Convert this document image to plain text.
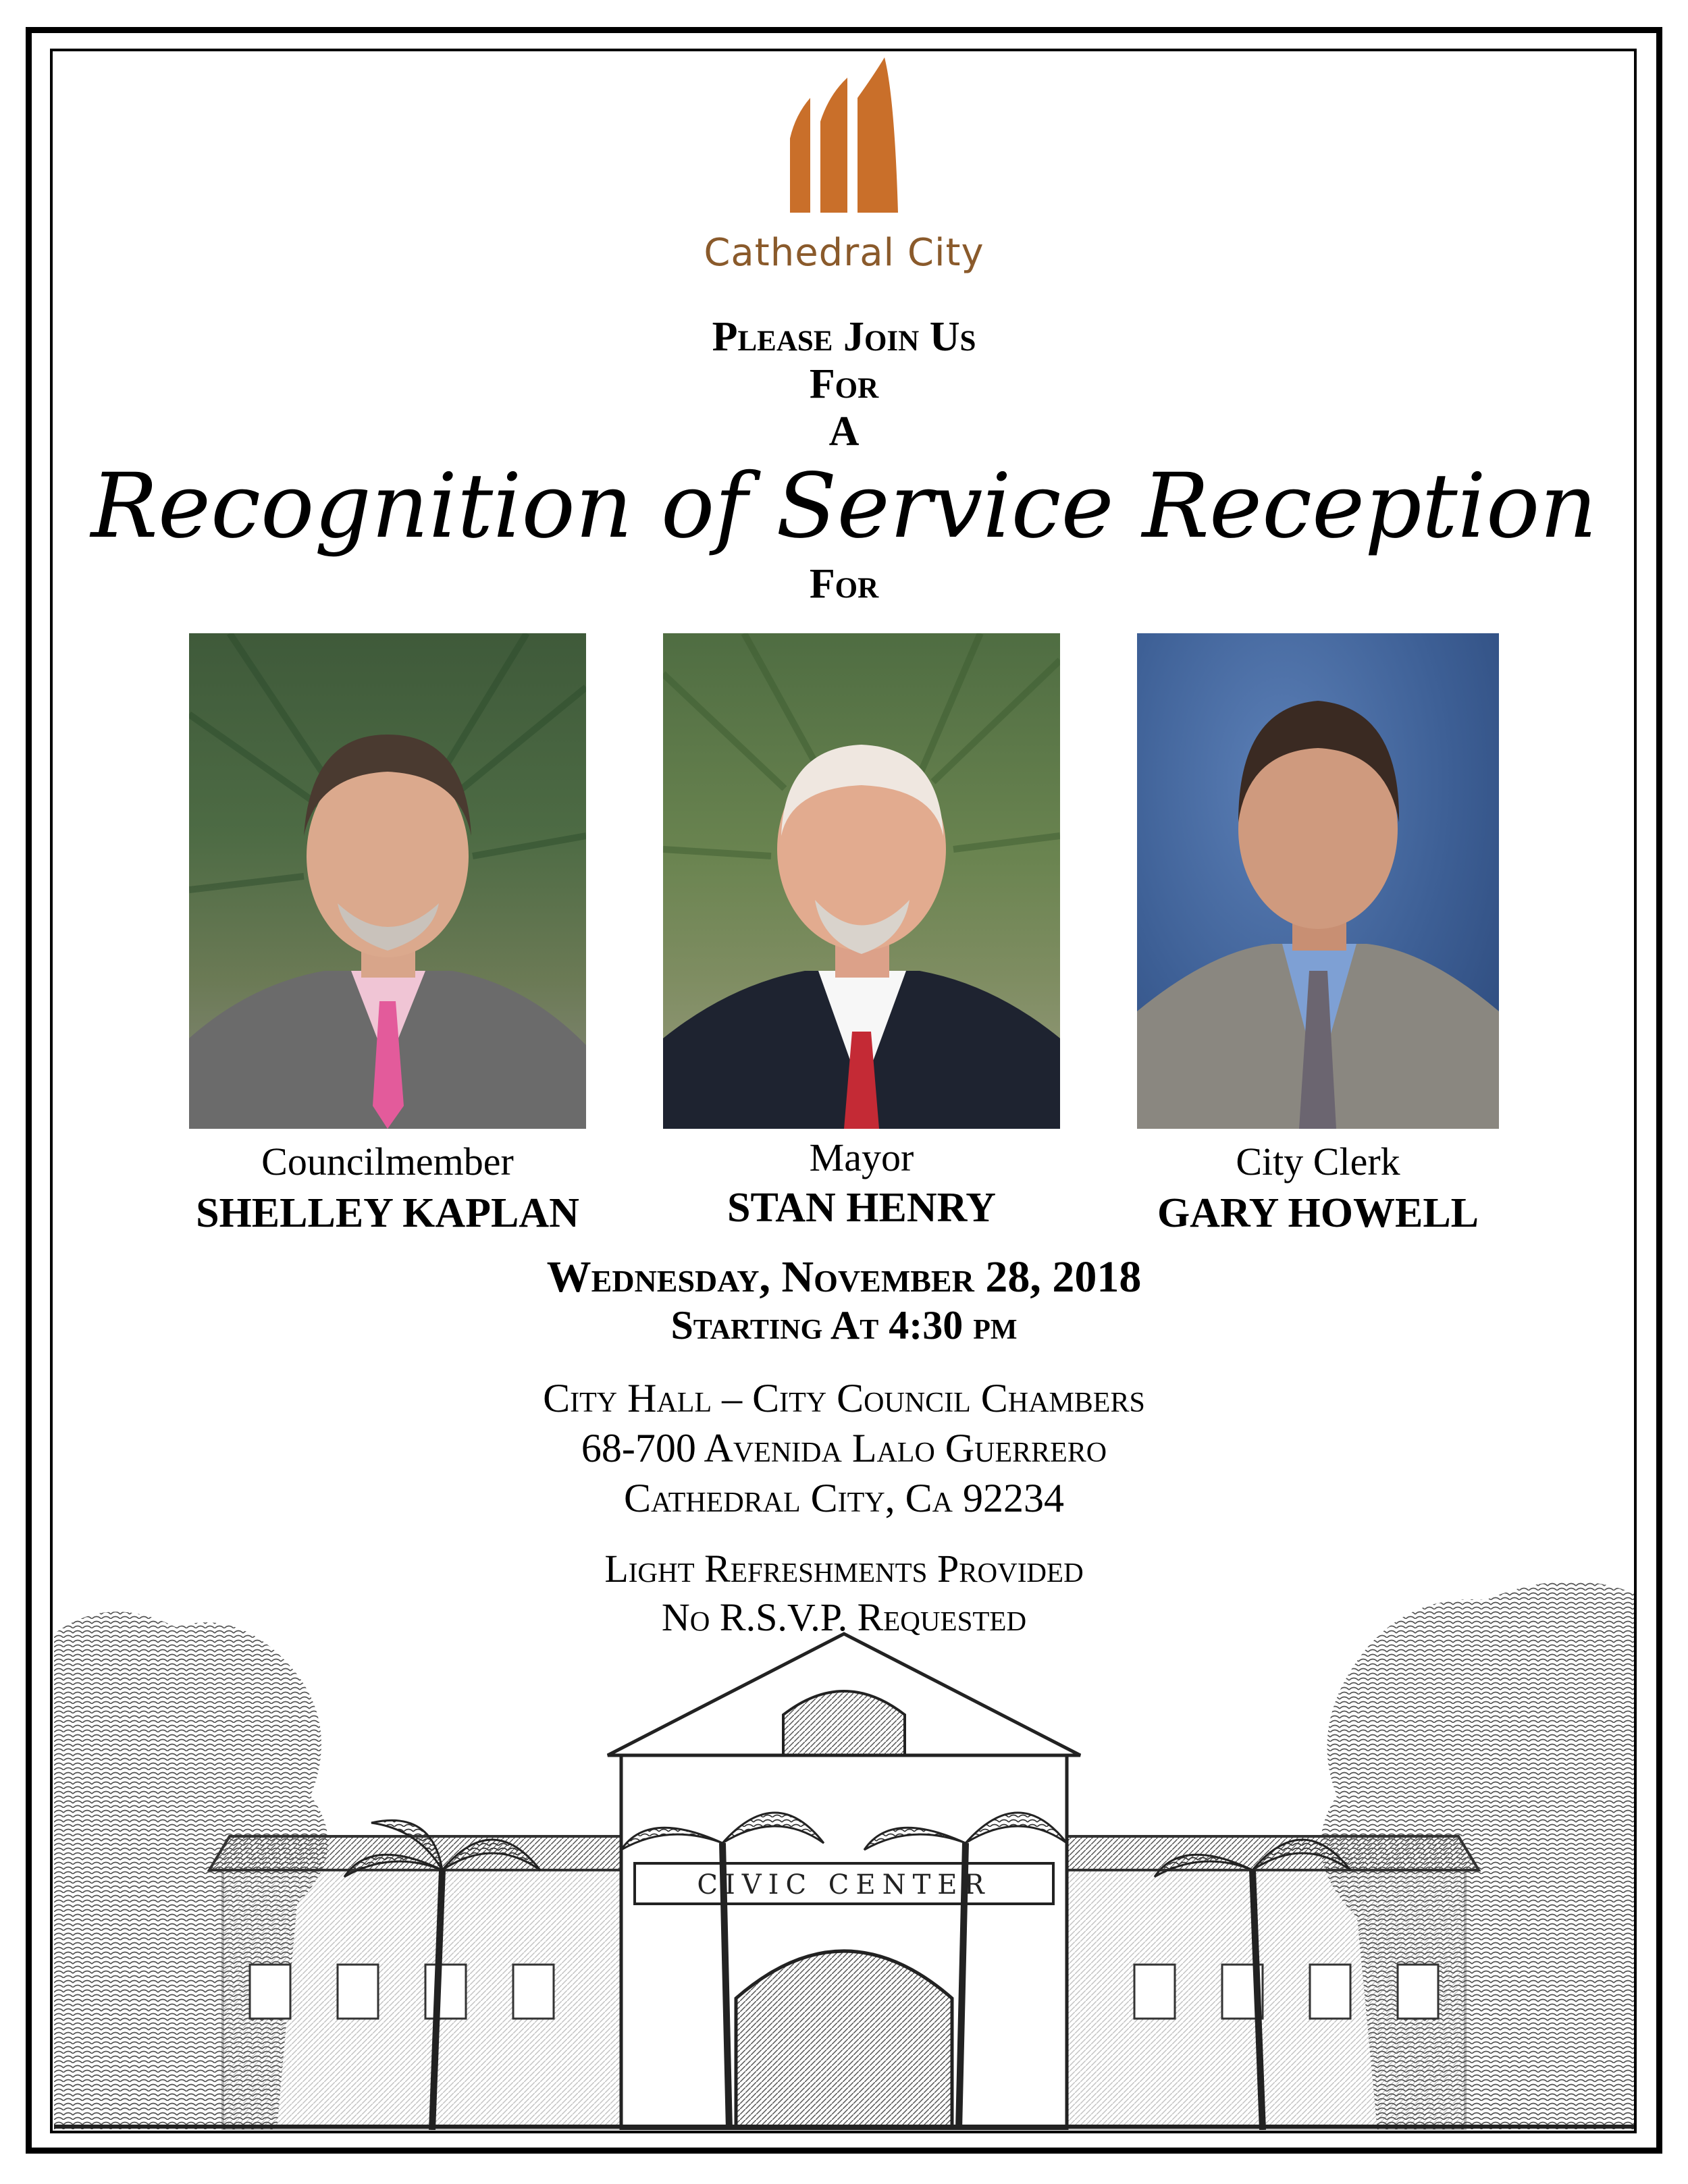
Cathedral City
Please Join Us
For
A
Recognition of Service Reception
For
Councilmember
SHELLEY KAPLAN
Mayor
STAN HENRY
City Clerk
GARY HOWELL
Wednesday, November 28, 2018
Starting At 4:30 pm
City Hall – City Council Chambers
68-700 Avenida Lalo Guerrero
Cathedral City, Ca 92234
CIVIC CENTER
Light Refreshments Provided
No R.S.V.P. Requested
